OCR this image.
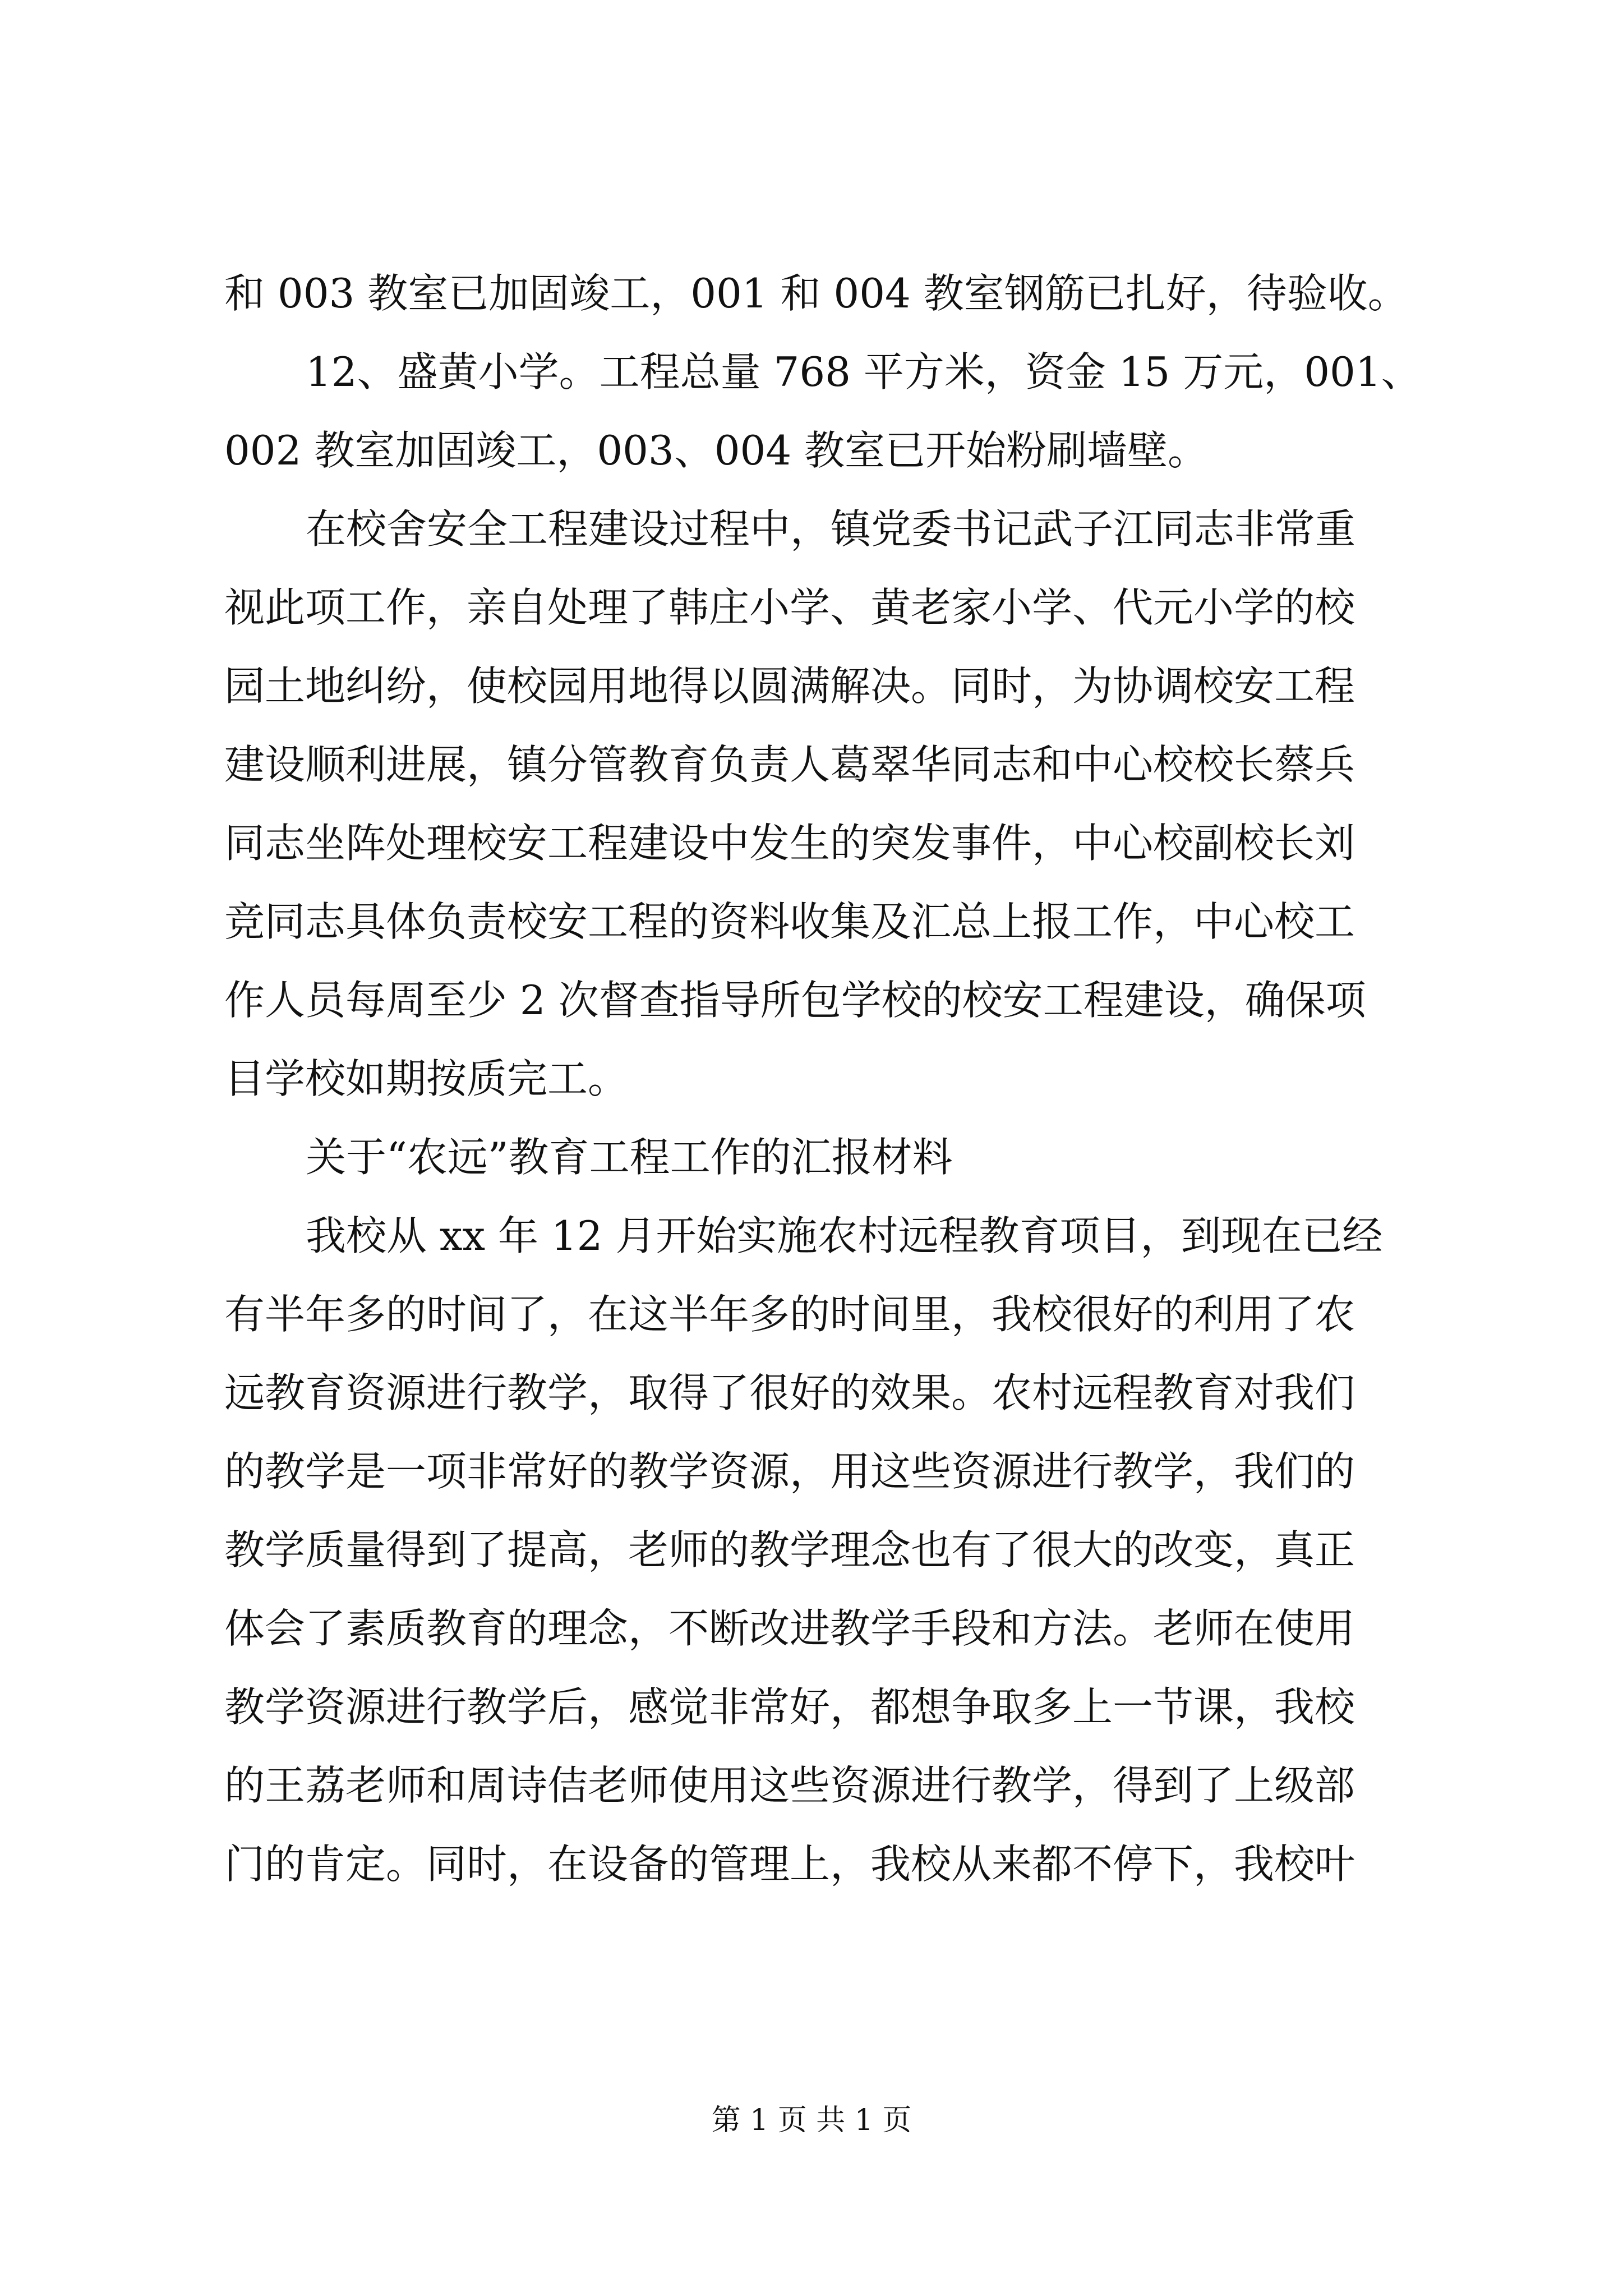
和 003 教室已加固竣工，001 和 004 教室钢筋已扎好，待验收。
12、盛黄小学。工程总量 768 平方米，资金 15 万元，001、
002 教室加固竣工，003、004 教室已开始粉刷墙壁。
在校舍安全工程建设过程中，镇党委书记武子江同志非常重
视此项工作，亲自处理了韩庄小学、黄老家小学、代元小学的校
园土地纠纷，使校园用地得以圆满解决。同时，为协调校安工程
建设顺利进展，镇分管教育负责人葛翠华同志和中心校校长蔡兵
同志坐阵处理校安工程建设中发生的突发事件，中心校副校长刘
竞同志具体负责校安工程的资料收集及汇总上报工作，中心校工
作人员每周至少 2 次督查指导所包学校的校安工程建设，确保项
目学校如期按质完工。
关于“农远”教育工程工作的汇报材料
我校从 xx 年 12 月开始实施农村远程教育项目，到现在已经
有半年多的时间了，在这半年多的时间里，我校很好的利用了农
远教育资源进行教学，取得了很好的效果。农村远程教育对我们
的教学是一项非常好的教学资源，用这些资源进行教学，我们的
教学质量得到了提高，老师的教学理念也有了很大的改变，真正
体会了素质教育的理念，不断改进教学手段和方法。老师在使用
教学资源进行教学后，感觉非常好，都想争取多上一节课，我校
的王荔老师和周诗佶老师使用这些资源进行教学，得到了上级部
门的肯定。同时，在设备的管理上，我校从来都不停下，我校叶
第 1 页 共 1 页
